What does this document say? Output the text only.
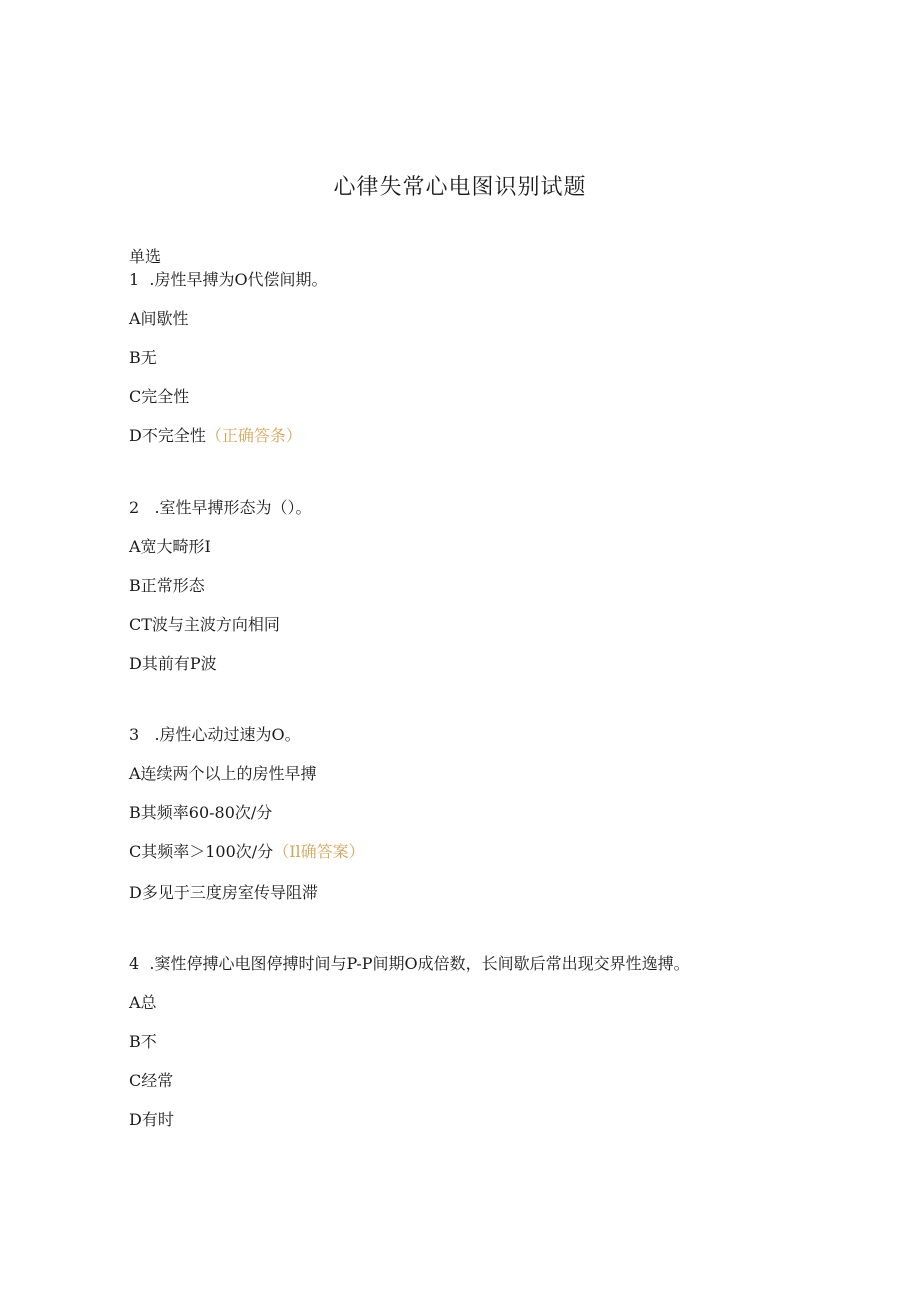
心律失常心电图识别试题
单选
1  .房性早搏为O代偿间期。
A间歇性
B无
C完全性
D不完全性（正确答条）
2   .室性早搏形态为（）。
A宽大畸形I
B正常形态
CT波与主波方向相同
D其前有P波
3   .房性心动过速为O。
A连续两个以上的房性早搏
B其频率60-80次/分
C其频率＞100次/分（Il确答案）
D多见于三度房室传导阻滞
4  .窦性停搏心电图停搏时间与P-P间期O成倍数，长间歇后常出现交界性逸搏。
A总
B不
C经常
D有时
